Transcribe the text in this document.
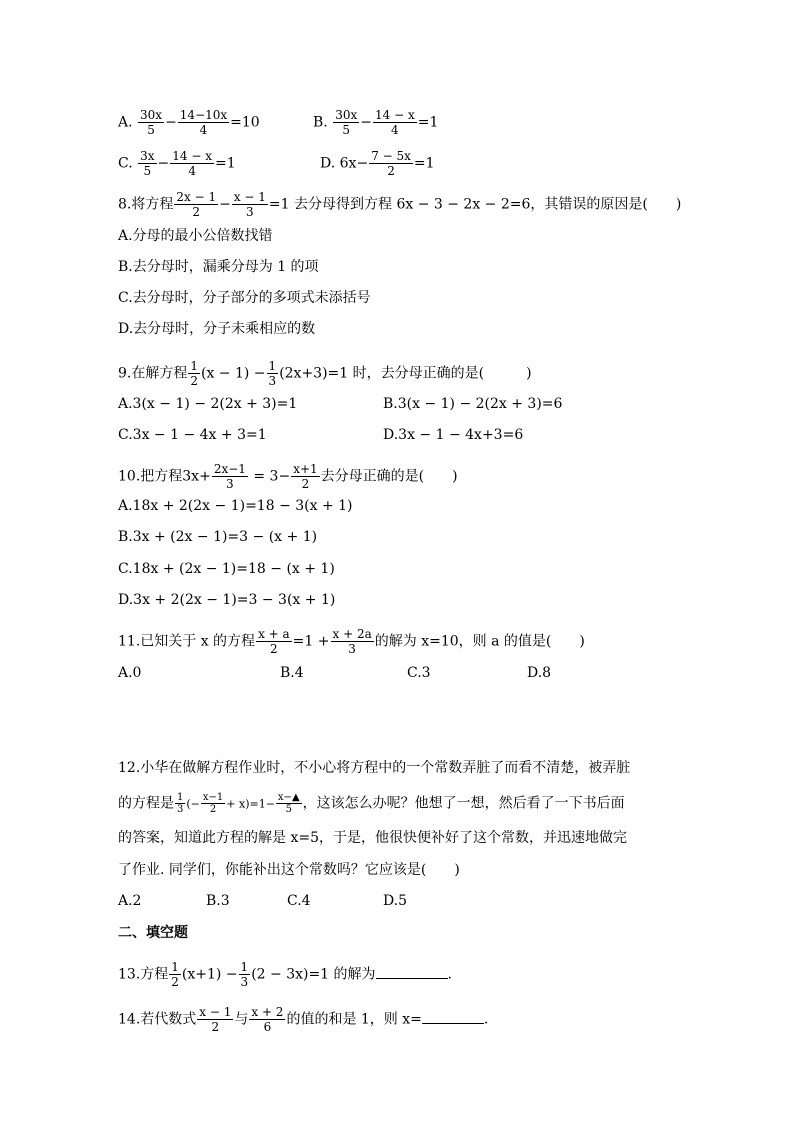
A. $\frac{30x}{5} - \frac{14-10x}{4} =10$	B. $\frac{30x}{5} - \frac{14 - x}{4} =1$
C. $\frac{3x}{5} - \frac{14 - x}{4} =1$	D. $6x- \frac{7 - 5x}{2} =1$
8.将方程 $\frac{2x - 1}{2} - \frac{x - 1}{3} =1$ 去分母得到方程 6x − 3 − 2x − 2=6，其错误的原因是(　　)
A.分母的最小公倍数找错
B.去分母时，漏乘分母为 1 的项
C.去分母时，分子部分的多项式未添括号
D.去分母时，分子未乘相应的数
9.在解方程 $\frac{1}{2} (x - 1) - \frac{1}{3} (2x+3)=1$ 时，去分母正确的是(　　　)
A.3(x − 1) − 2(2x + 3)=1	B.3(x − 1) − 2(2x + 3)=6
C.3x − 1 − 4x + 3=1	D.3x − 1 − 4x+3=6
10.把方程$3x+ \frac{2x-1}{3} = 3- \frac{x+1}{2}$ 去分母正确的是(　　)
A.18x + 2(2x − 1)=18 − 3(x + 1)
B.3x + (2x − 1)=3 − (x + 1)
C.18x + (2x − 1)=18 − (x + 1)
D.3x + 2(2x − 1)=3 − 3(x + 1)
11.已知关于 x 的方程 $\frac{x + a}{2} =1 + \frac{x + 2a}{3}$ 的解为 x=10，则 a 的值是(　　)
A.0	B.4	C.3	D.8
12.小华在做解方程作业时，不小心将方程中的一个常数弄脏了而看不清楚，被弄脏
的方程是 $\frac{1}{3}$ (− $\frac{x-1}{2} + x)=1- \frac{x-▲}{5}$ ，这该怎么办呢？他想了一想，然后看了一下书后面
的答案，知道此方程的解是 x=5，于是，他很快便补好了这个常数，并迅速地做完
了作业. 同学们，你能补出这个常数吗？它应该是(　　)
A.2	B.3	C.4	D.5
二、填空题
13.方程 $\frac{1}{2} (x+1) - \frac{1}{3} (2 - 3x)=1$ 的解为	.
14.若代数式 $\frac{x - 1}{2}$ 与 $\frac{x + 2}{6}$ 的值的和是 1，则 x=	.
